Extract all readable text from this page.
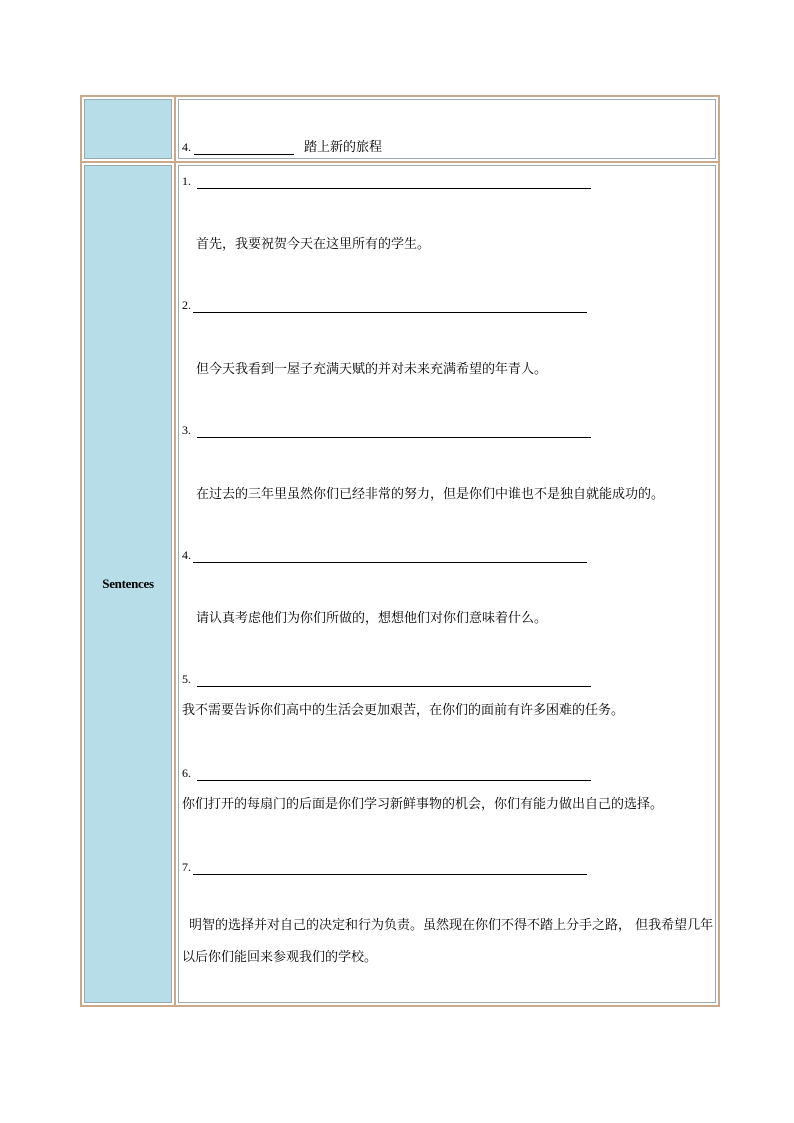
4.	踏上新的旅程
Sentences
1.
首先，我要祝贺今天在这里所有的学生。
2.
但今天我看到一屋子充满天赋的并对未来充满希望的年青人。
3.
在过去的三年里虽然你们已经非常的努力，但是你们中谁也不是独自就能成功的。
4.
请认真考虑他们为你们所做的，想想他们对你们意味着什么。
5.
我不需要告诉你们高中的生活会更加艰苦，在你们的面前有许多困难的任务。
6.
你们打开的每扇门的后面是你们学习新鲜事物的机会，你们有能力做出自己的选择。
7.
明智的选择并对自己的决定和行为负责。虽然现在你们不得不踏上分手之路， 但我希望几年以后你们能回来参观我们的学校。
